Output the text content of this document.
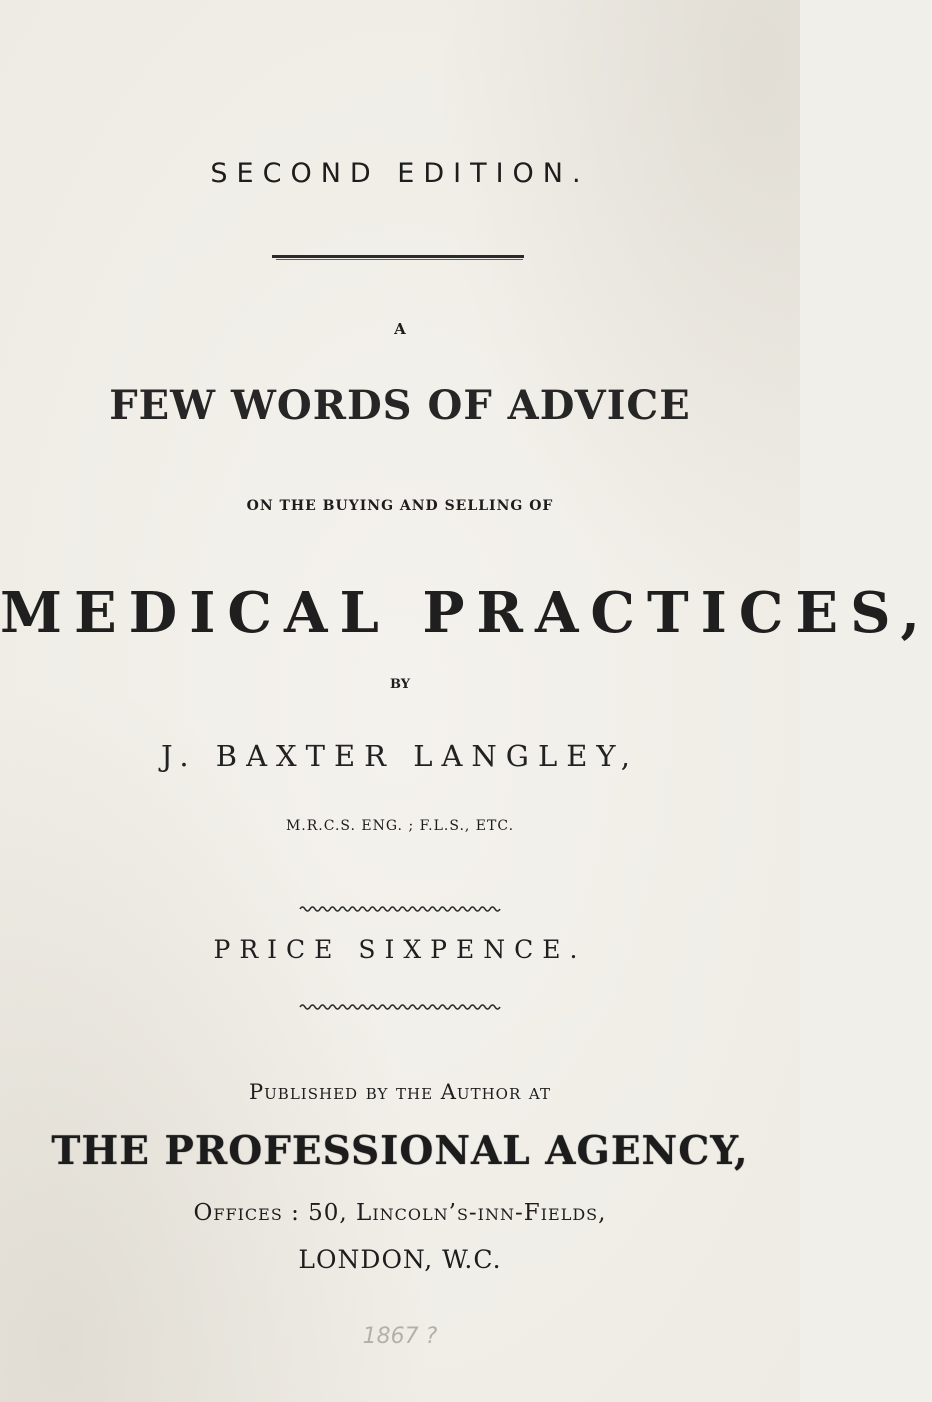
SECOND EDITION.
A
FEW WORDS OF ADVICE
ON THE BUYING AND SELLING OF
MEDICAL PRACTICES,
BY
J. BAXTER LANGLEY,
M.R.C.S. ENG. ; F.L.S., ETC.
PRICE SIXPENCE.
Published by the Author at
THE PROFESSIONAL AGENCY,
Offices : 50, Lincoln’s-inn-Fields,
LONDON, W.C.
1867 ?
